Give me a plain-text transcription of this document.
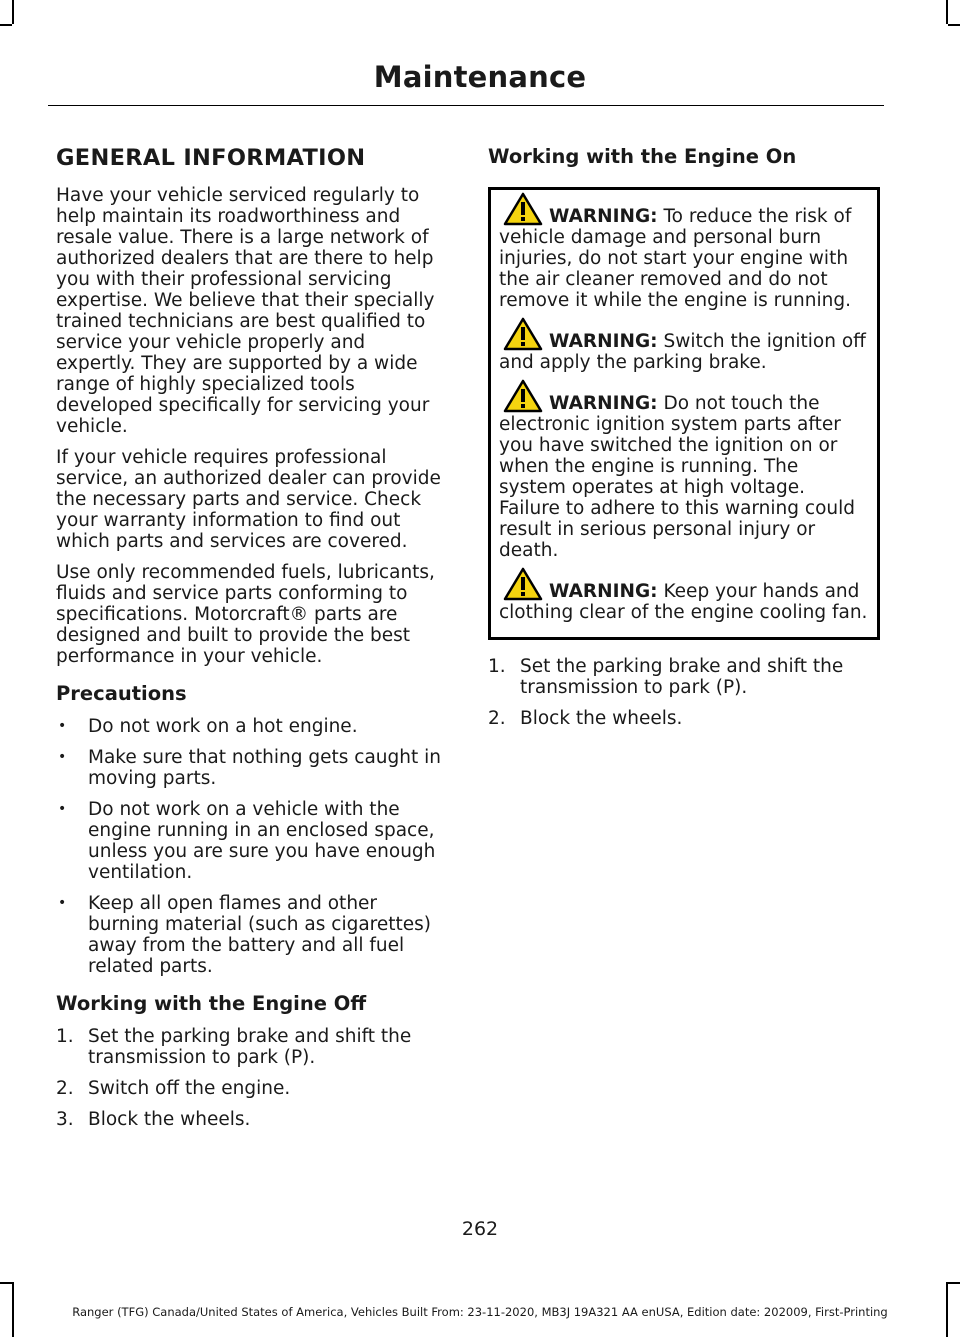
Maintenance
GENERAL INFORMATION

Have your vehicle serviced regularly to help maintain its roadworthiness and resale value. There is a large network of authorized dealers that are there to help you with their professional servicing expertise. We believe that their specially trained technicians are best qualified to service your vehicle properly and expertly. They are supported by a wide range of highly specialized tools developed specifically for servicing your vehicle.

If your vehicle requires professional service, an authorized dealer can provide the necessary parts and service. Check your warranty information to find out which parts and services are covered.

Use only recommended fuels, lubricants, fluids and service parts conforming to specifications. Motorcraft® parts are designed and built to provide the best performance in your vehicle.

Precautions
• Do not work on a hot engine.
• Make sure that nothing gets caught in moving parts.
• Do not work on a vehicle with the engine running in an enclosed space, unless you are sure you have enough ventilation.
• Keep all open flames and other burning material (such as cigarettes) away from the battery and all fuel related parts.
Working with the Engine Off
1. Set the parking brake and shift the transmission to park (P).
2. Switch off the engine.
3. Block the wheels.
Working with the Engine On

WARNING: To reduce the risk of vehicle damage and personal burn injuries, do not start your engine with the air cleaner removed and do not remove it while the engine is running.

WARNING: Switch the ignition off and apply the parking brake.

WARNING: Do not touch the electronic ignition system parts after you have switched the ignition on or when the engine is running. The system operates at high voltage. Failure to adhere to this warning could result in serious personal injury or death.

WARNING: Keep your hands and clothing clear of the engine cooling fan.

1. Set the parking brake and shift the transmission to park (P).
2. Block the wheels.
262
Ranger (TFG) Canada/United States of America, Vehicles Built From: 23-11-2020, MB3J 19A321 AA enUSA, Edition date: 202009, First-Printing
